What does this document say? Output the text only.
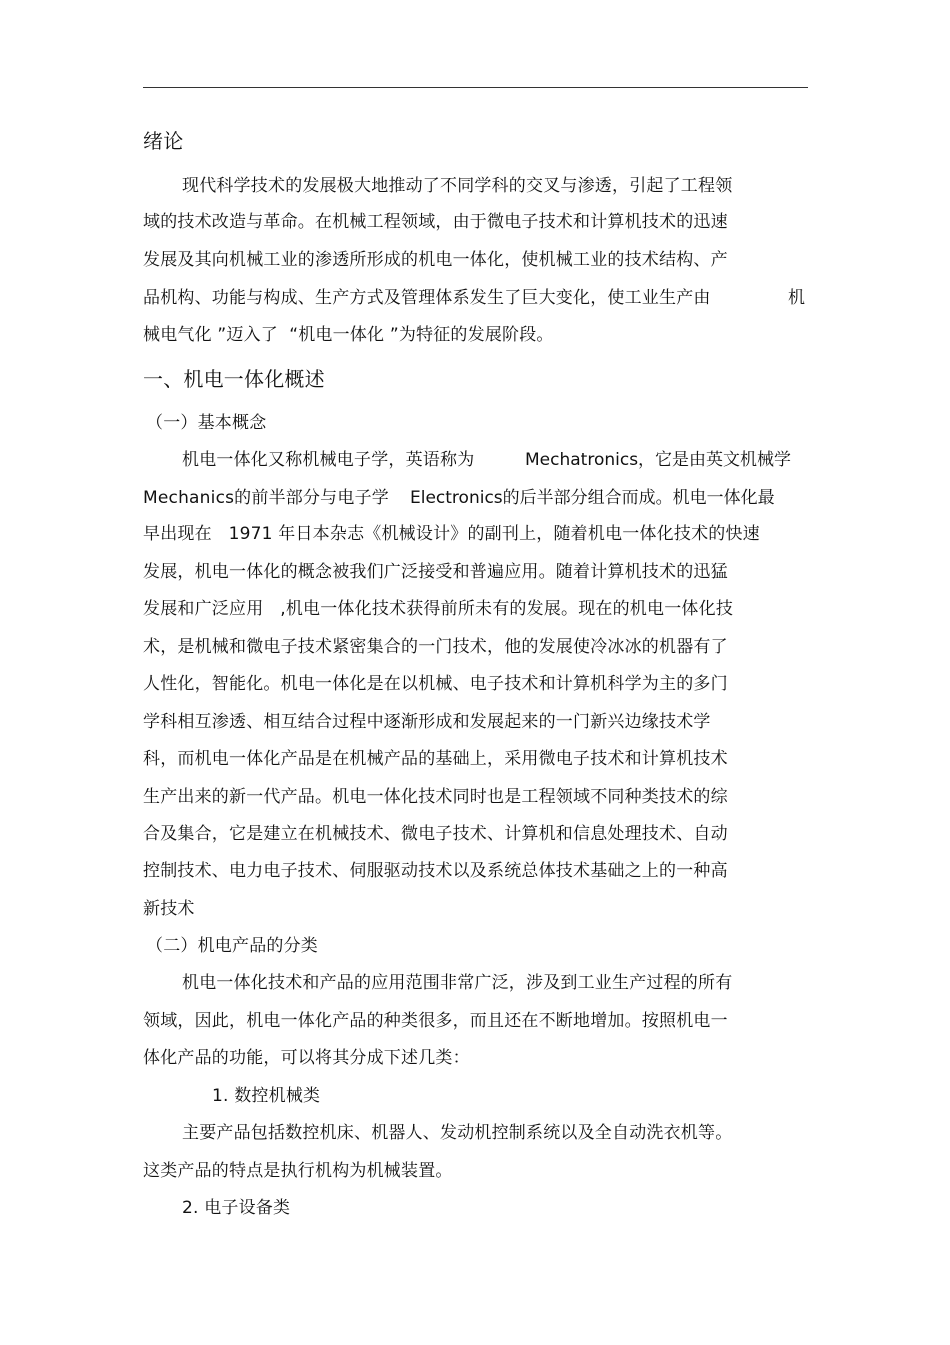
绪论
现代科学技术的发展极大地推动了不同学科的交叉与渗透，引起了工程领
域的技术改造与革命。在机械工程领域，由于微电子技术和计算机技术的迅速
发展及其向机械工业的渗透所形成的机电一体化，使机械工业的技术结构、产
品机构、功能与构成、生产方式及管理体系发生了巨大变化，使工业生产由	机
械电气化 ”迈入了  “机电一体化 ”为特征的发展阶段。
一、机电一体化概述
（一）基本概念
机电一体化又称机械电子学，英语称为	Mechatronics，它是由英文机械学
Mechanics的前半部分与电子学 Electronics的后半部分组合而成。机电一体化最
早出现在   1971 年日本杂志《机械设计》的副刊上，随着机电一体化技术的快速
发展，机电一体化的概念被我们广泛接受和普遍应用。随着计算机技术的迅猛
发展和广泛应用   ,机电一体化技术获得前所未有的发展。现在的机电一体化技
术，是机械和微电子技术紧密集合的一门技术，他的发展使冷冰冰的机器有了
人性化，智能化。机电一体化是在以机械、电子技术和计算机科学为主的多门
学科相互渗透、相互结合过程中逐渐形成和发展起来的一门新兴边缘技术学
科，而机电一体化产品是在机械产品的基础上，采用微电子技术和计算机技术
生产出来的新一代产品。机电一体化技术同时也是工程领域不同种类技术的综
合及集合，它是建立在机械技术、微电子技术、计算机和信息处理技术、自动
控制技术、电力电子技术、伺服驱动技术以及系统总体技术基础之上的一种高
新技术
（二）机电产品的分类
机电一体化技术和产品的应用范围非常广泛，涉及到工业生产过程的所有
领域，因此，机电一体化产品的种类很多，而且还在不断地增加。按照机电一
体化产品的功能，可以将其分成下述几类：
1. 数控机械类
主要产品包括数控机床、机器人、发动机控制系统以及全自动洗衣机等。
这类产品的特点是执行机构为机械装置。
2. 电子设备类
